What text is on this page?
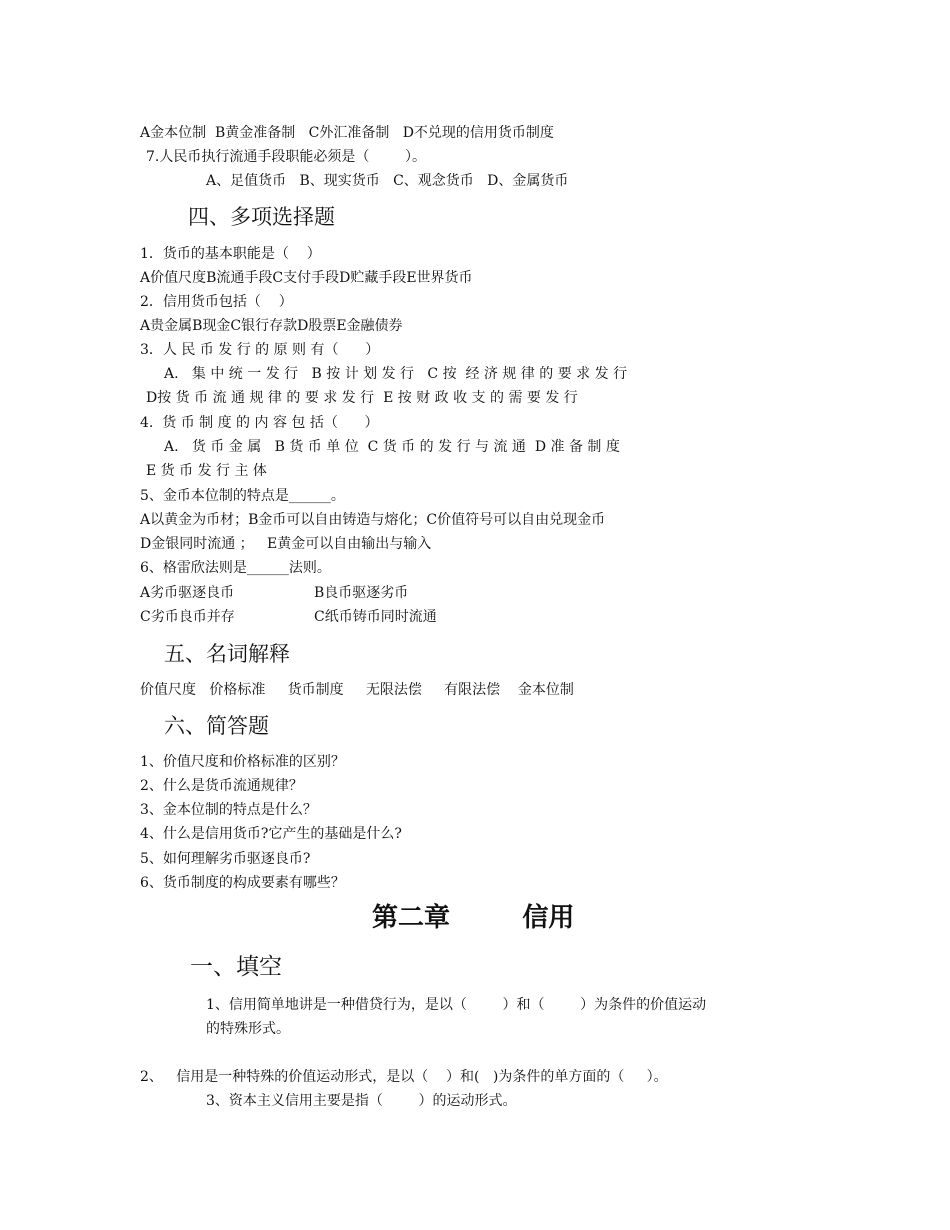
A金本位制  B黄金准备制   C外汇准备制   D不兑现的信用货币制度
7.人民币执行流通手段职能必须是（        ）。
A、足值货币   B、现实货币   C、观念货币   D、金属货币
四、多项选择题
1．货币的基本职能是（    ）
A价值尺度B流通手段C支付手段D贮藏手段E世界货币
2．信用货币包括（    ）
A贵金属B现金C银行存款D股票E金融债券
3．人 民 币 发 行 的 原 则 有（      ）
A.   集 中 统 一 发 行   B 按 计 划 发 行   C 按  经 济 规 律 的 要 求 发 行
D按 货 币 流 通 规 律 的 要 求 发 行  E 按 财 政 收 支 的 需 要 发 行
4.  货 币 制 度 的 内 容 包 括（      ）
A.   货 币 金 属   B 货 币 单 位  C 货 币 的 发 行 与 流 通  D 准 备 制 度
E 货 币 发 行 主 体
5、金币本位制的特点是______。
A以黄金为币材；B金币可以自由铸造与熔化；C价值符号可以自由兑现金币
D金银同时流通 ；   E黄金可以自由输出与输入
6、格雷欣法则是______法则。
A劣币驱逐良币	B良币驱逐劣币
C劣币良币并存	C纸币铸币同时流通
五、名词解释
价值尺度   价格标准     货币制度     无限法偿     有限法偿    金本位制
六、简答题
1、价值尺度和价格标准的区别？
2、什么是货币流通规律？
3、金本位制的特点是什么？
4、什么是信用货币?它产生的基础是什么?
5、如何理解劣币驱逐良币?
6、货币制度的构成要素有哪些？
第二章        信用
一、填空
1、信用简单地讲是一种借贷行为，是以（        ）和（        ）为条件的价值运动
的特殊形式。
2、   信用是一种特殊的价值运动形式，是以（    ）和(   )为条件的单方面的（     ）。
3、资本主义信用主要是指（        ）的运动形式。
